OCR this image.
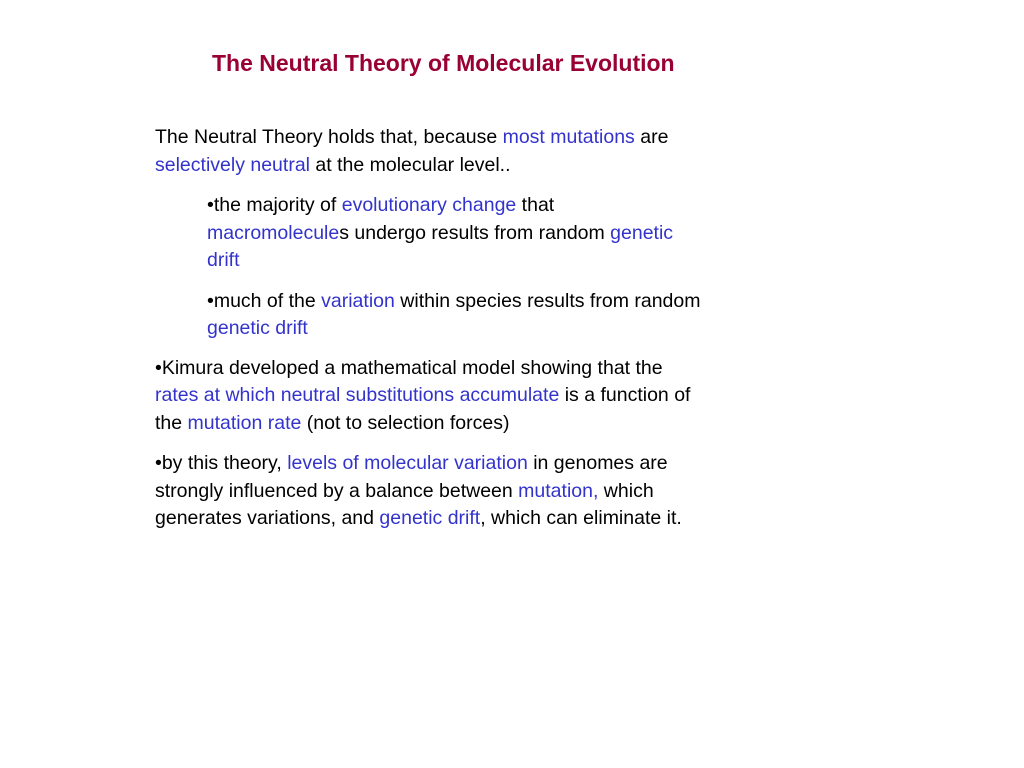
The Neutral Theory of Molecular Evolution

The Neutral Theory holds that, because most mutations are
selectively neutral at the molecular level..

•the majority of evolutionary change that
macromolecules undergo results from random genetic
drift

•much of the variation within species results from random
genetic drift

•Kimura developed a mathematical model showing that the
rates at which neutral substitutions accumulate is a function of
the mutation rate (not to selection forces)

•by this theory, levels of molecular variation in genomes are
strongly influenced by a balance between mutation, which
generates variations, and genetic drift, which can eliminate it.
